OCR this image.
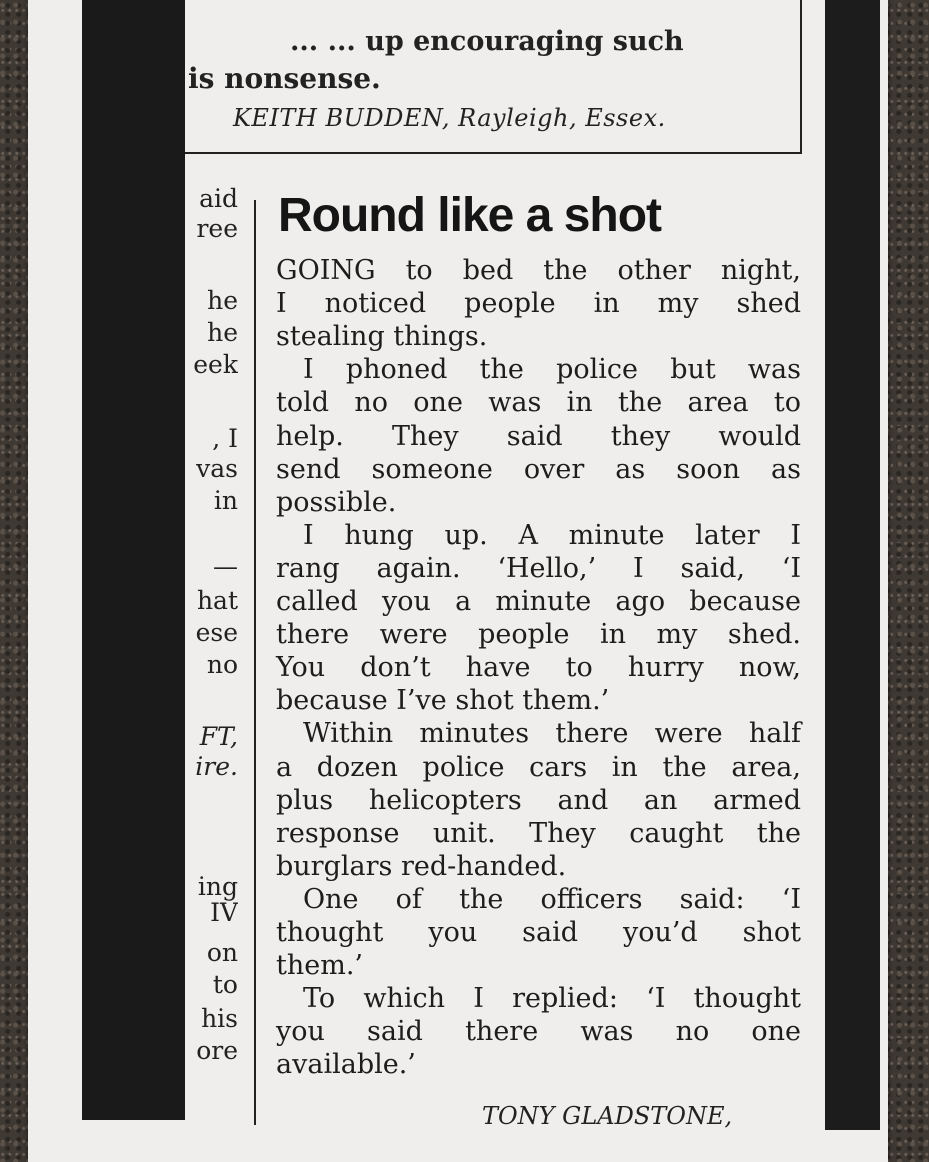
... ... up encouraging such
is nonsense.
KEITH BUDDEN, Rayleigh, Essex.
aid
ree
he
he
eek
, I
vas
in
—
hat
ese
no
FT,
ire.
ing
IV
on
to
his
ore
Round like a shot
GOING to bed the other night,
I noticed people in my shed
stealing things.
I phoned the police but was
told no one was in the area to
help. They said they would
send someone over as soon as
possible.
I hung up. A minute later I
rang again. ‘Hello,’ I said, ‘I
called you a minute ago because
there were people in my shed.
You don’t have to hurry now,
because I’ve shot them.’
Within minutes there were half
a dozen police cars in the area,
plus helicopters and an armed
response unit. They caught the
burglars red-handed.
One of the officers said: ‘I
thought you said you’d shot
them.’
To which I replied: ‘I thought
you said there was no one
available.’
TONY GLADSTONE,
